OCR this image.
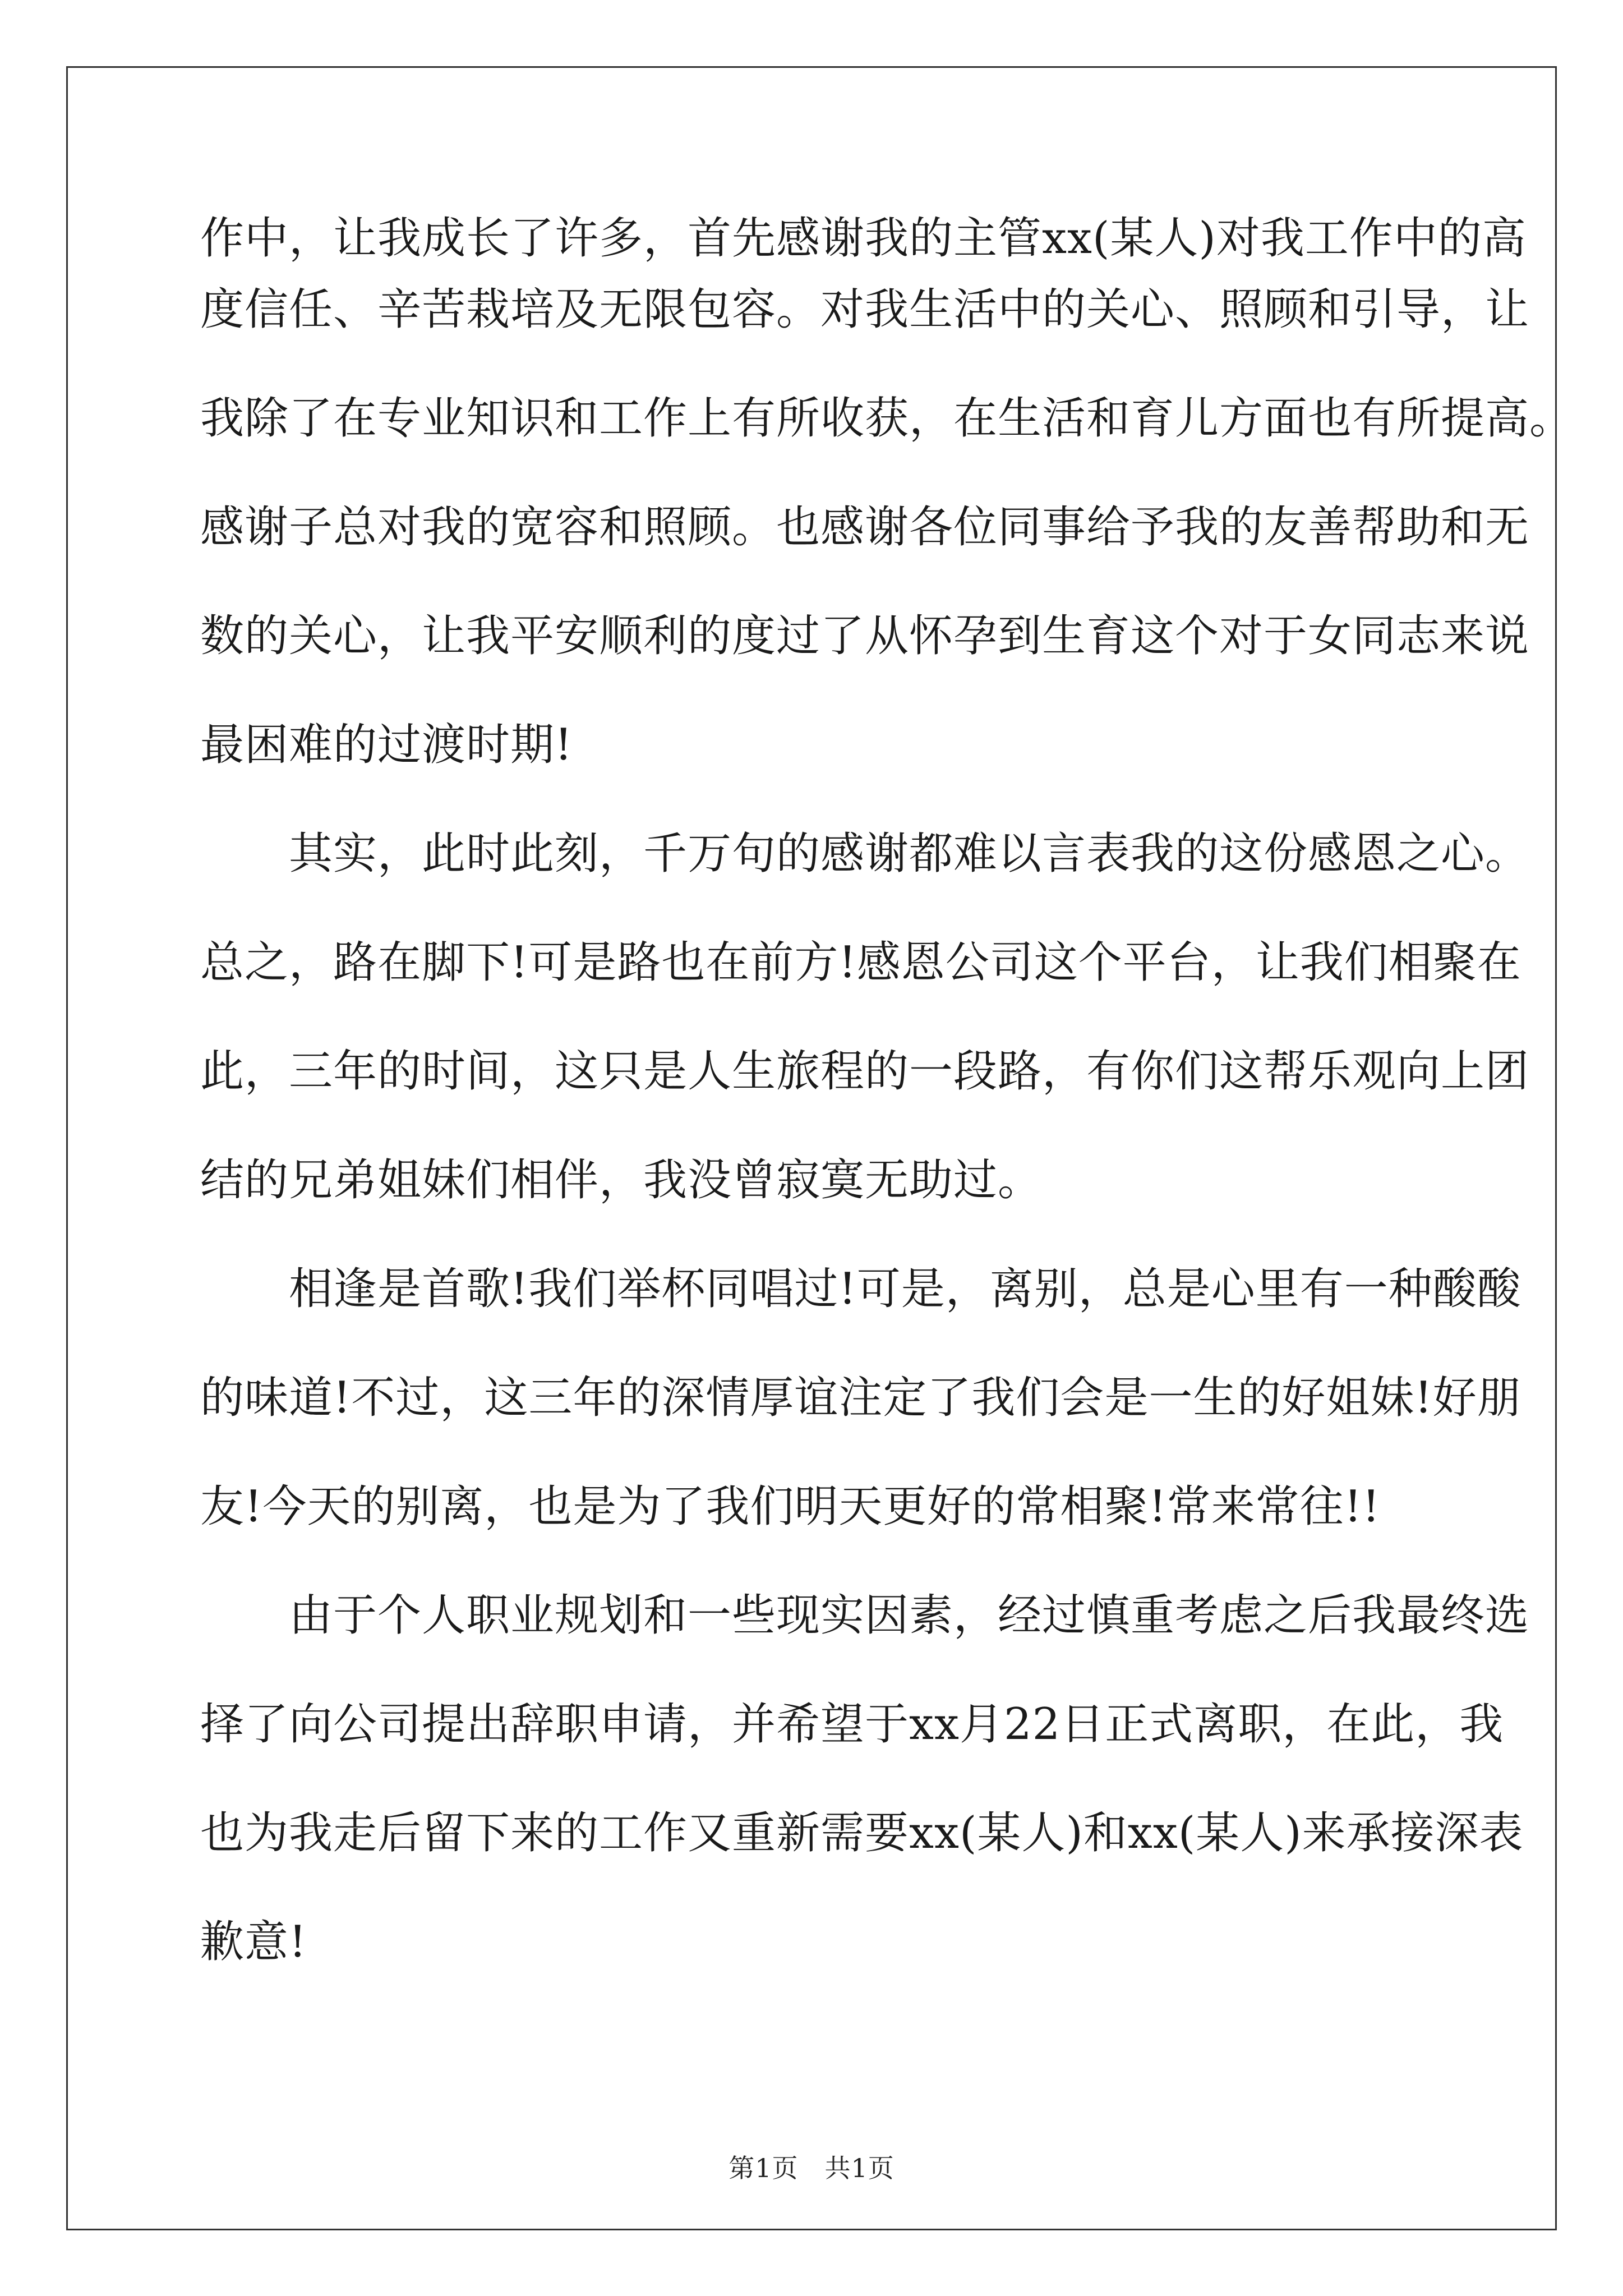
作中，让我成长了许多，首先感谢我的主管xx(某人)对我工作中的高
度信任、辛苦栽培及无限包容。对我生活中的关心、照顾和引导，让
我除了在专业知识和工作上有所收获，在生活和育儿方面也有所提高。
感谢子总对我的宽容和照顾。也感谢各位同事给予我的友善帮助和无
数的关心，让我平安顺利的度过了从怀孕到生育这个对于女同志来说
最困难的过渡时期!
　　其实，此时此刻，千万句的感谢都难以言表我的这份感恩之心。
总之，路在脚下!可是路也在前方!感恩公司这个平台，让我们相聚在
此，三年的时间，这只是人生旅程的一段路，有你们这帮乐观向上团
结的兄弟姐妹们相伴，我没曾寂寞无助过。
　　相逢是首歌!我们举杯同唱过!可是，离别，总是心里有一种酸酸
的味道!不过，这三年的深情厚谊注定了我们会是一生的好姐妹!好朋
友!今天的别离，也是为了我们明天更好的常相聚!常来常往!!
　　由于个人职业规划和一些现实因素，经过慎重考虑之后我最终选
择了向公司提出辞职申请，并希望于xx月22日正式离职，在此，我
也为我走后留下来的工作又重新需要xx(某人)和xx(某人)来承接深表
歉意!
第1页　共1页
